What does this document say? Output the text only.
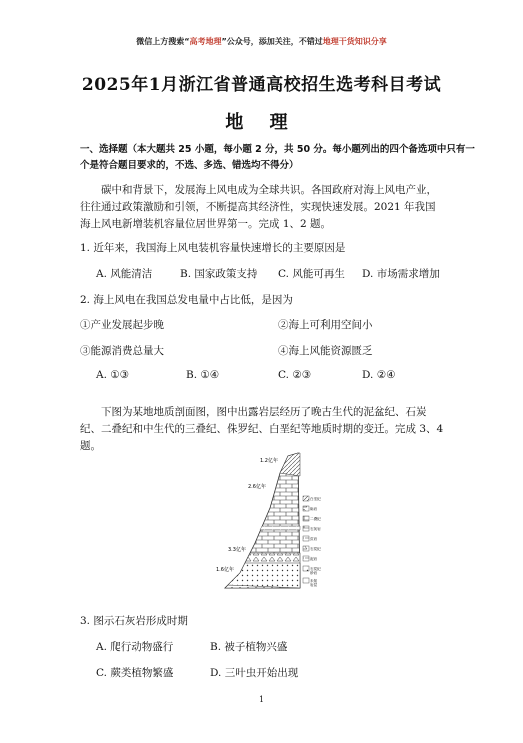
微信上方搜索“高考地理”公众号，添加关注，不错过地理干货知识分享
2025年1月浙江省普通高校招生选考科目考试
地 理
一、选择题（本大题共 25 小题，每小题 2 分，共 50 分。每小题列出的四个备选项中只有一
个是符合题目要求的，不选、多选、错选均不得分）
碳中和背景下，发展海上风电成为全球共识。各国政府对海上风电产业，往往通过政策激励和引领，不断提高其经济性，实现快速发展。2021 年我国海上风电新增装机容量位居世界第一。完成 1、2 题。
1. 近年来，我国海上风电装机容量快速增长的主要原因是
A. 风能清洁	B. 国家政策支持 C. 风能可再生 D. 市场需求增加
2. 海上风电在我国总发电量中占比低，是因为
①产业发展起步晚	②海上可利用空间小
③能源消费总量大	④海上风能资源匮乏
A. ①③	B. ①④	C. ②③	D. ②④
下图为某地地质剖面图，图中出露岩层经历了晚古生代的泥盆纪、石炭纪、二叠纪和中生代的三叠纪、侏罗纪、白垩纪等地质时期的变迁。完成 3、4 题。
1.2亿年
2.6亿年
3.3亿年
1.6亿年
白垩纪
砾岩
二叠纪
石灰岩
页岩
石炭纪
泥岩
石炭纪
砂岩
未知
岩层
3. 图示石灰岩形成时期
A. 爬行动物盛行	B. 被子植物兴盛
C. 蕨类植物繁盛	D. 三叶虫开始出现
1
